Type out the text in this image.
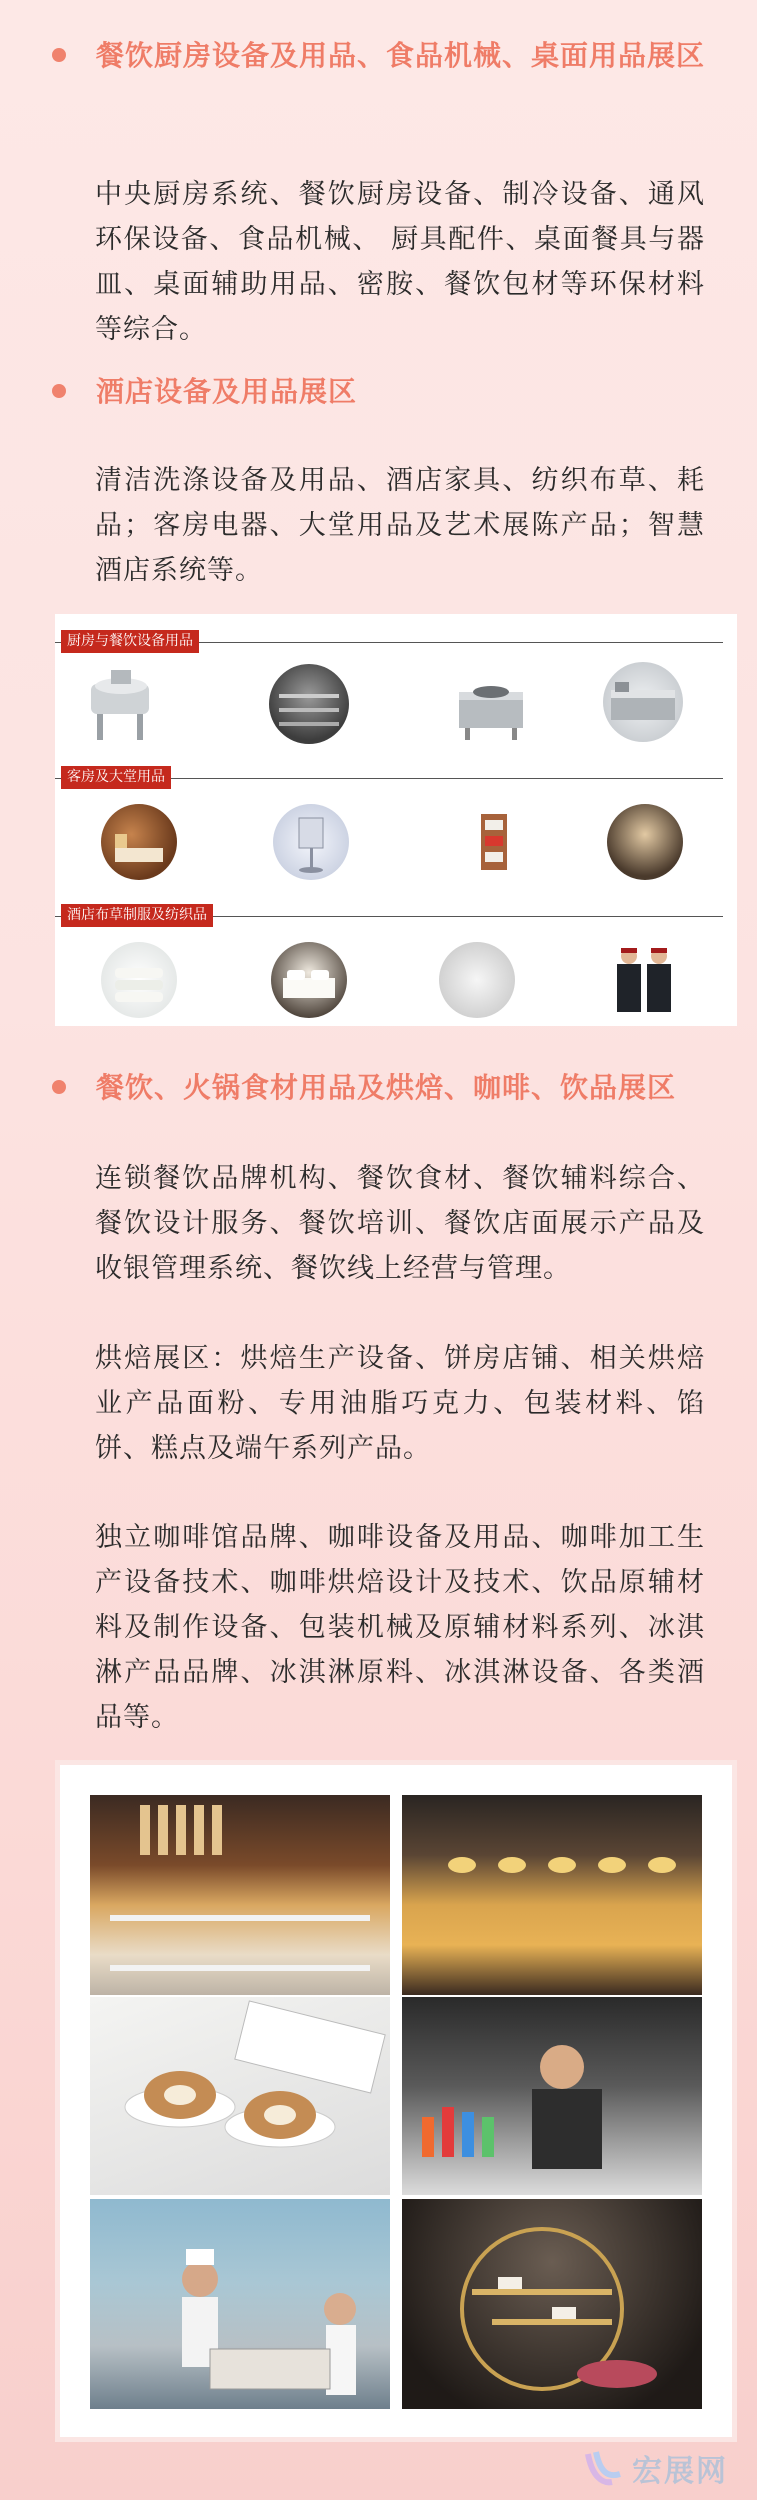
餐饮厨房设备及用品、食品机械、桌面用品展区

中央厨房系统、餐饮厨房设备、制冷设备、通风环保设备、食品机械、 厨具配件、桌面餐具与器皿、桌面辅助用品、密胺、餐饮包材等环保材料等综合。

酒店设备及用品展区

清洁洗涤设备及用品、酒店家具、纺织布草、耗品；客房电器、大堂用品及艺术展陈产品；智慧酒店系统等。

厨房与餐饮设备用品
客房及大堂用品
酒店布草制服及纺织品
餐饮、火锅食材用品及烘焙、咖啡、饮品展区

连锁餐饮品牌机构、餐饮食材、餐饮辅料综合、餐饮设计服务、餐饮培训、餐饮店面展示产品及收银管理系统、餐饮线上经营与管理。

烘焙展区：烘焙生产设备、饼房店铺、相关烘焙业产品面粉、专用油脂巧克力、包装材料、馅饼、糕点及端午系列产品。

独立咖啡馆品牌、咖啡设备及用品、咖啡加工生产设备技术、咖啡烘焙设计及技术、饮品原辅材料及制作设备、包装机械及原辅材料系列、冰淇淋产品品牌、冰淇淋原料、冰淇淋设备、各类酒品等。

宏展网
